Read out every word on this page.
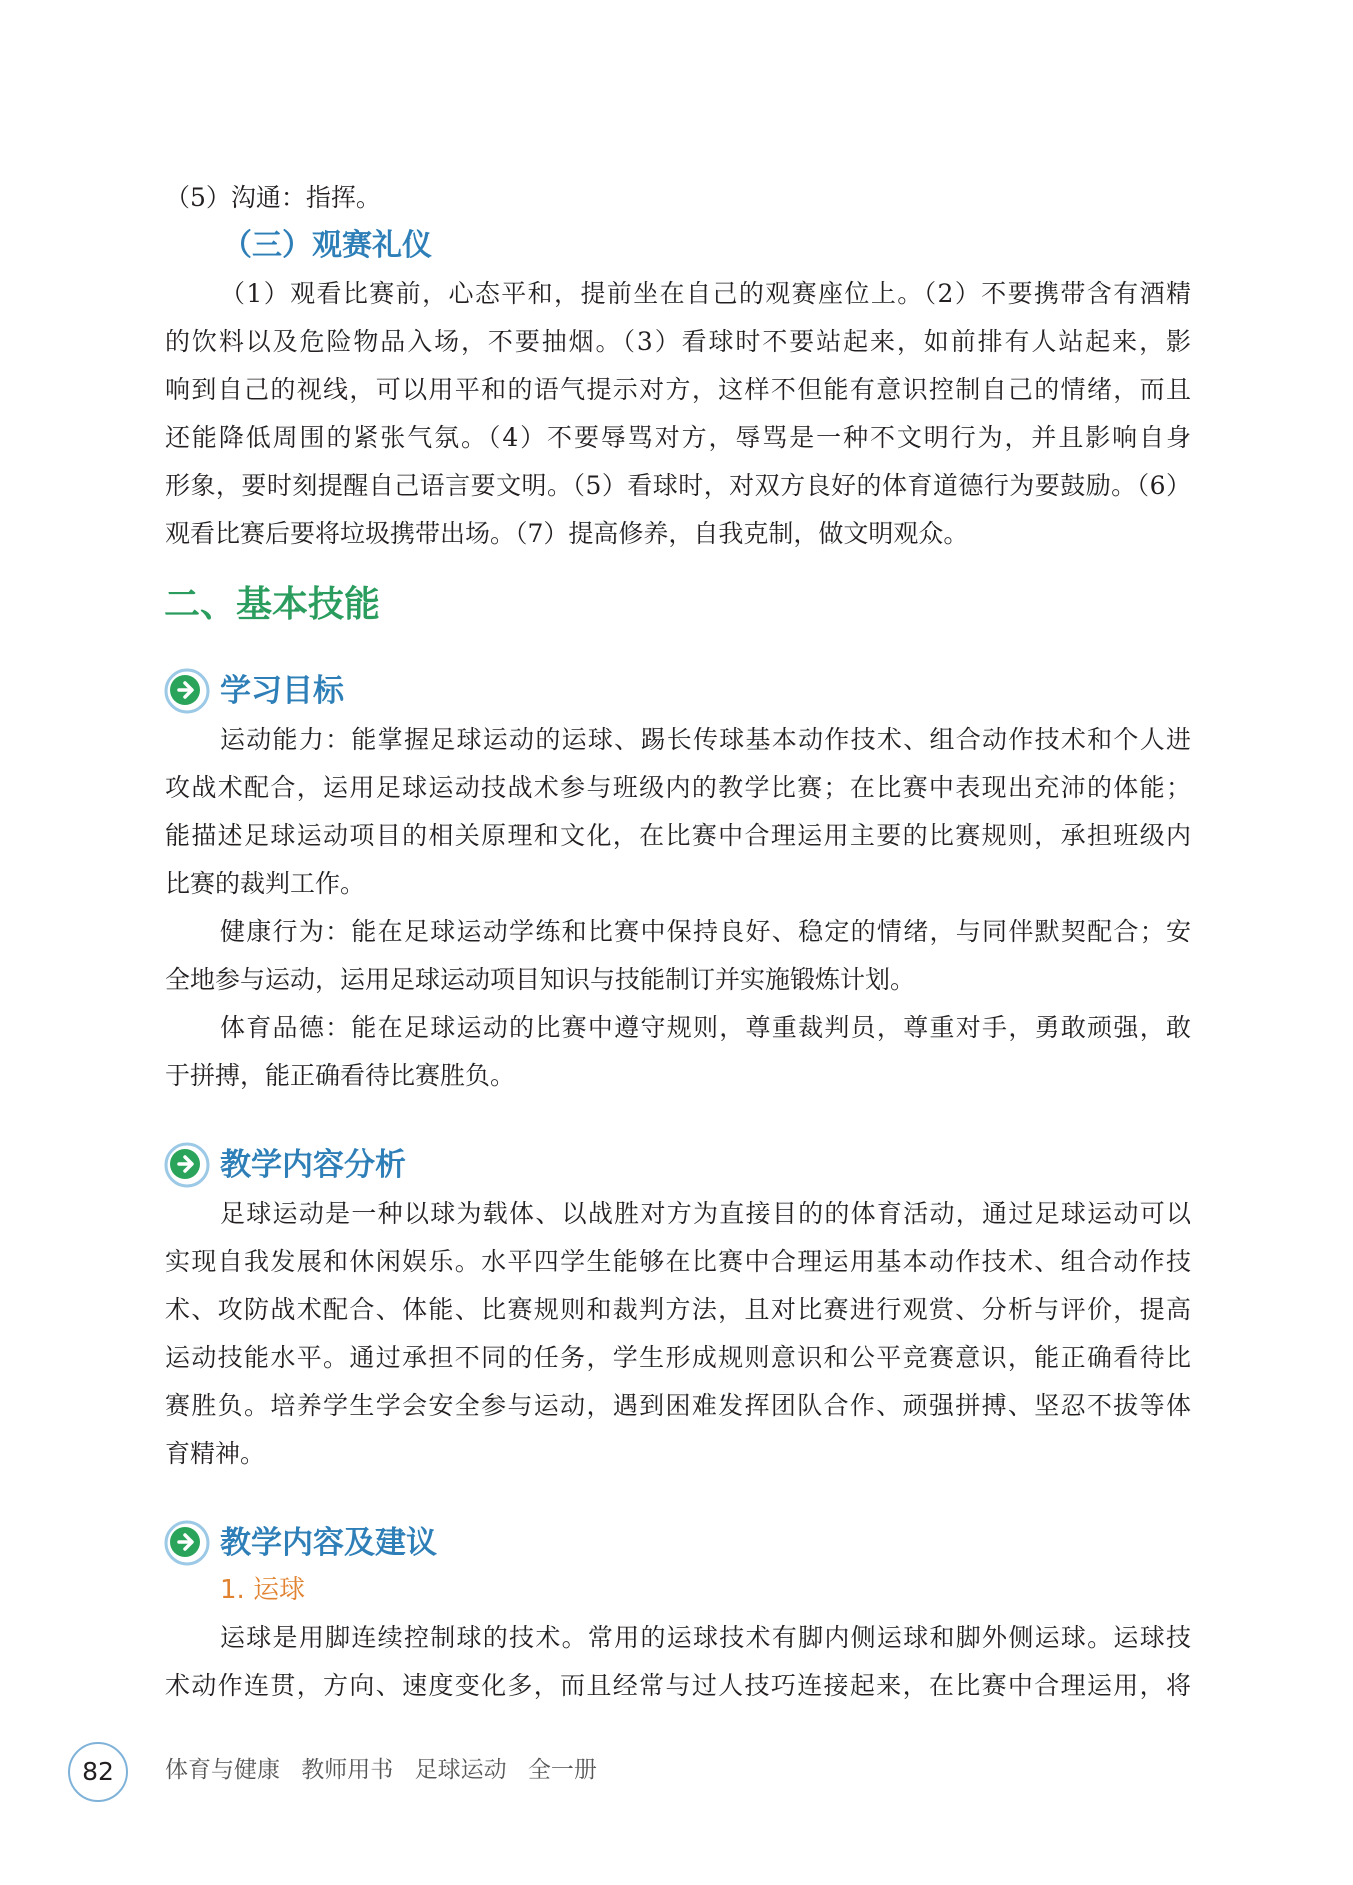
（5）沟通：指挥。
（三）观赛礼仪
（1）观看比赛前，心态平和，提前坐在自己的观赛座位上。（2）不要携带含有酒精
的饮料以及危险物品入场，不要抽烟。（3）看球时不要站起来，如前排有人站起来，影
响到自己的视线，可以用平和的语气提示对方，这样不但能有意识控制自己的情绪，而且
还能降低周围的紧张气氛。（4）不要辱骂对方，辱骂是一种不文明行为，并且影响自身
形象，要时刻提醒自己语言要文明。（5）看球时，对双方良好的体育道德行为要鼓励。（6）
观看比赛后要将垃圾携带出场。（7）提高修养，自我克制，做文明观众。
二、基本技能
学习目标
运动能力：能掌握足球运动的运球、踢长传球基本动作技术、组合动作技术和个人进
攻战术配合，运用足球运动技战术参与班级内的教学比赛；在比赛中表现出充沛的体能；
能描述足球运动项目的相关原理和文化，在比赛中合理运用主要的比赛规则，承担班级内
比赛的裁判工作。
健康行为：能在足球运动学练和比赛中保持良好、稳定的情绪，与同伴默契配合；安
全地参与运动，运用足球运动项目知识与技能制订并实施锻炼计划。
体育品德：能在足球运动的比赛中遵守规则，尊重裁判员，尊重对手，勇敢顽强，敢
于拼搏，能正确看待比赛胜负。
教学内容分析
足球运动是一种以球为载体、以战胜对方为直接目的的体育活动，通过足球运动可以
实现自我发展和休闲娱乐。水平四学生能够在比赛中合理运用基本动作技术、组合动作技
术、攻防战术配合、体能、比赛规则和裁判方法，且对比赛进行观赏、分析与评价，提高
运动技能水平。通过承担不同的任务，学生形成规则意识和公平竞赛意识，能正确看待比
赛胜负。培养学生学会安全参与运动，遇到困难发挥团队合作、顽强拼搏、坚忍不拔等体
育精神。
教学内容及建议
1. 运球
运球是用脚连续控制球的技术。常用的运球技术有脚内侧运球和脚外侧运球。运球技
术动作连贯，方向、速度变化多，而且经常与过人技巧连接起来，在比赛中合理运用，将
82	体育与健康 教师用书 足球运动 全一册
